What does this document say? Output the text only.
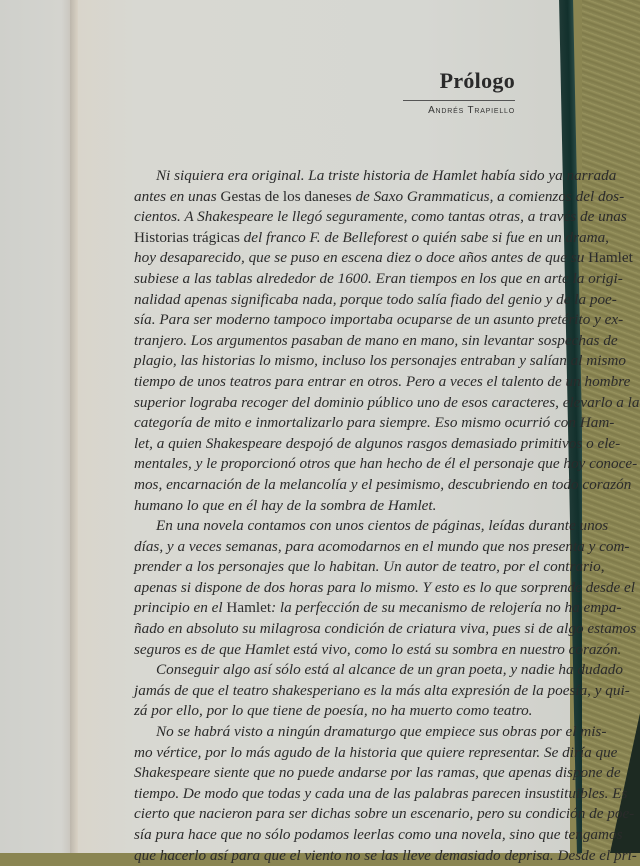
Prólogo
Andrés Trapiello

Ni siquiera era original. La triste historia de Hamlet había sido ya narrada
antes en unas Gestas de los daneses de Saxo Grammaticus, a comienzos del dos-
cientos. A Shakespeare le llegó seguramente, como tantas otras, a través de unas
Historias trágicas del franco F. de Belleforest o quién sabe si fue en un drama,
hoy desaparecido, que se puso en escena diez o doce años antes de que su Hamlet
subiese a las tablas alrededor de 1600. Eran tiempos en los que en arte la origi-
nalidad apenas significaba nada, porque todo salía fiado del genio y de la poe-
sía. Para ser moderno tampoco importaba ocuparse de un asunto pretérito y ex-
tranjero. Los argumentos pasaban de mano en mano, sin levantar sospechas de
plagio, las historias lo mismo, incluso los personajes entraban y salían al mismo
tiempo de unos teatros para entrar en otros. Pero a veces el talento de un hombre
superior lograba recoger del dominio público uno de esos caracteres, elevarlo a la
categoría de mito e inmortalizarlo para siempre. Eso mismo ocurrió con Ham-
let, a quien Shakespeare despojó de algunos rasgos demasiado primitivos o ele-
mentales, y le proporcionó otros que han hecho de él el personaje que hoy conoce-
mos, encarnación de la melancolía y el pesimismo, descubriendo en todo corazón
humano lo que en él hay de la sombra de Hamlet.

En una novela contamos con unos cientos de páginas, leídas durante unos
días, y a veces semanas, para acomodarnos en el mundo que nos presenta y com-
prender a los personajes que lo habitan. Un autor de teatro, por el contrario,
apenas si dispone de dos horas para lo mismo. Y esto es lo que sorprende desde el
principio en el Hamlet: la perfección de su mecanismo de relojería no ha empa-
ñado en absoluto su milagrosa condición de criatura viva, pues si de algo estamos
seguros es de que Hamlet está vivo, como lo está su sombra en nuestro corazón.

Conseguir algo así sólo está al alcance de un gran poeta, y nadie ha dudado
jamás de que el teatro shakesperiano es la más alta expresión de la poesía, y qui-
zá por ello, por lo que tiene de poesía, no ha muerto como teatro.

No se habrá visto a ningún dramaturgo que empiece sus obras por el mis-
mo vértice, por lo más agudo de la historia que quiere representar. Se diría que
Shakespeare siente que no puede andarse por las ramas, que apenas dispone de
tiempo. De modo que todas y cada una de las palabras parecen insustituibles. Es
cierto que nacieron para ser dichas sobre un escenario, pero su condición de poe-
sía pura hace que no sólo podamos leerlas como una novela, sino que tengamos
que hacerlo así para que el viento no se las lleve demasiado deprisa. Desde el pri-
